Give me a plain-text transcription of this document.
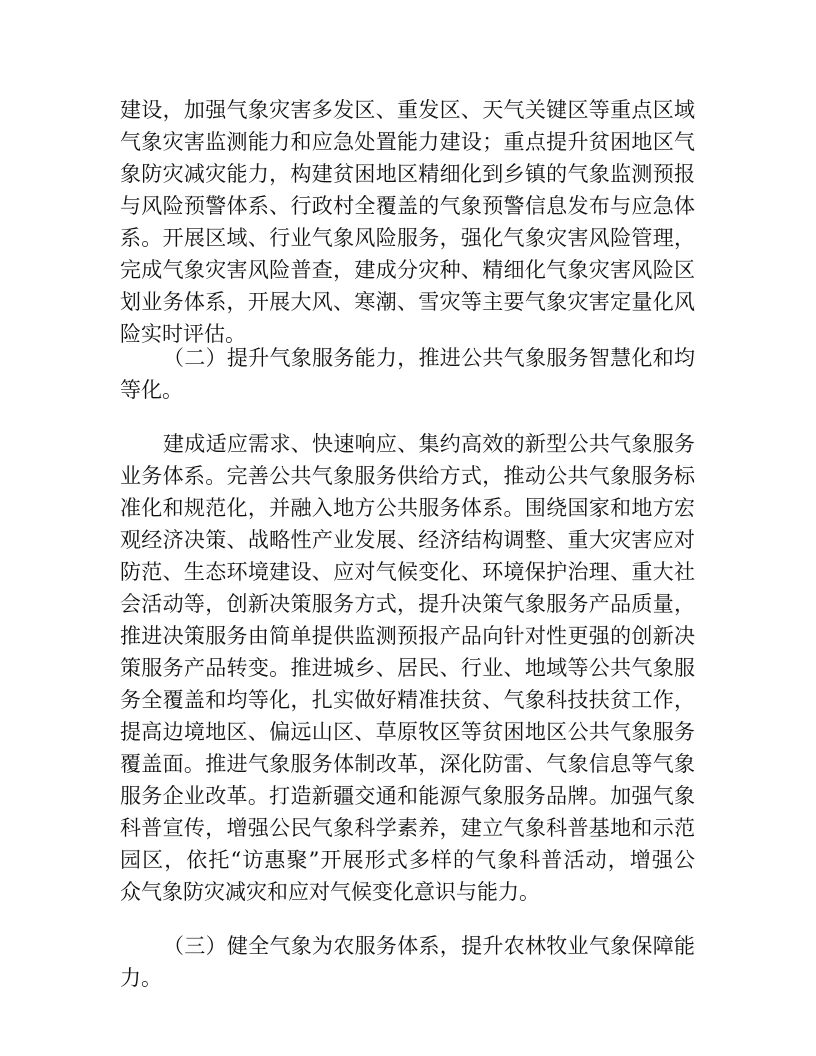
建设，加强气象灾害多发区、重发区、天气关键区等重点区域
气象灾害监测能力和应急处置能力建设；重点提升贫困地区气
象防灾减灾能力，构建贫困地区精细化到乡镇的气象监测预报
与风险预警体系、行政村全覆盖的气象预警信息发布与应急体
系。开展区域、行业气象风险服务，强化气象灾害风险管理，
完成气象灾害风险普查，建成分灾种、精细化气象灾害风险区
划业务体系，开展大风、寒潮、雪灾等主要气象灾害定量化风
险实时评估。
（二）提升气象服务能力，推进公共气象服务智慧化和均
等化。
建成适应需求、快速响应、集约高效的新型公共气象服务
业务体系。完善公共气象服务供给方式，推动公共气象服务标
准化和规范化，并融入地方公共服务体系。围绕国家和地方宏
观经济决策、战略性产业发展、经济结构调整、重大灾害应对
防范、生态环境建设、应对气候变化、环境保护治理、重大社
会活动等，创新决策服务方式，提升决策气象服务产品质量，
推进决策服务由简单提供监测预报产品向针对性更强的创新决
策服务产品转变。推进城乡、居民、行业、地域等公共气象服
务全覆盖和均等化，扎实做好精准扶贫、气象科技扶贫工作，
提高边境地区、偏远山区、草原牧区等贫困地区公共气象服务
覆盖面。推进气象服务体制改革，深化防雷、气象信息等气象
服务企业改革。打造新疆交通和能源气象服务品牌。加强气象
科普宣传，增强公民气象科学素养，建立气象科普基地和示范
园区，依托“访惠聚”开展形式多样的气象科普活动，增强公
众气象防灾减灾和应对气候变化意识与能力。
（三）健全气象为农服务体系，提升农林牧业气象保障能
力。
